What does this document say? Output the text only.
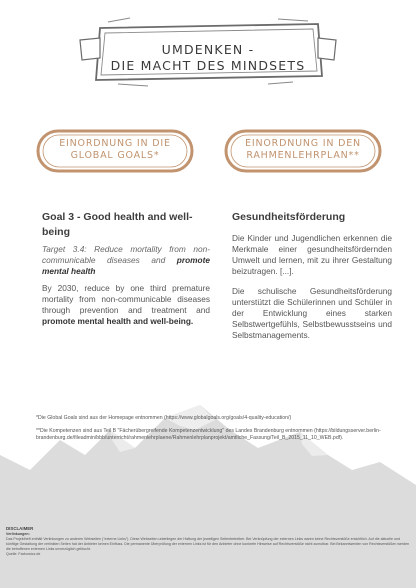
UMDENKEN -
DIE MACHT DES MINDSETS
EINORDNUNG IN DIE
GLOBAL GOALS*
EINORDNUNG IN DEN
RAHMENLEHRPLAN**

Goal 3 - Good health and well-being

Target 3.4: Reduce mortality from non-communicable diseases and promote mental health

By 2030, reduce by one third premature mortality from non-communicable diseases through prevention and treatment and promote mental health and well-being.

Gesundheitsförderung

Die Kinder und Jugendlichen erkennen die Merkmale einer gesundheitsfördernden Umwelt und lernen, mit zu ihrer Gestaltung beizutragen. [...].

Die schulische Gesundheitsförderung unterstützt die Schülerinnen und Schüler in der Entwicklung eines starken Selbstwertgefühls, Selbstbewusstseins und Selbstmanagements.

*Die Global Goals sind aus der Homepage entnommen (https://www.globalgoals.org/goals/4-quality-education/)
**Die Kompetenzen sind aus Teil B "Fächerübergreifende Kompetenzentwicklung" des Landes Brandenburg entnommen (https://bildungsserver.berlin-brandenburg.de/fileadmin/bbb/unterricht/rahmenlehrplaene/Rahmenlehrplanprojekt/amtliche_Fassung/Teil_B_2015_11_10_WEB.pdf).
DISCLAIMER
Verlinkungen:
Das Projektheft enthält Verlinkungen zu anderen Webseiten ("externe Links"). Diese Webseiten unterliegen der Haftung der jeweiligen Seitenbetreiber. Bei Verknüpfung der externen Links waren keine Rechtsverstöße ersichtlich. Auf die aktuelle und künftige Gestaltung der verlinkten Seiten hat der Anbieter keinen Einfluss. Die permanente Überprüfung der externen Links ist für den Anbieter ohne konkrete Hinweise auf Rechtsverstöße nicht zumutbar. Bei Bekanntwerden von Rechtsverstößen werden die betroffenen externen Links unverzüglich gelöscht.
Quelle: Fachowicz.de
